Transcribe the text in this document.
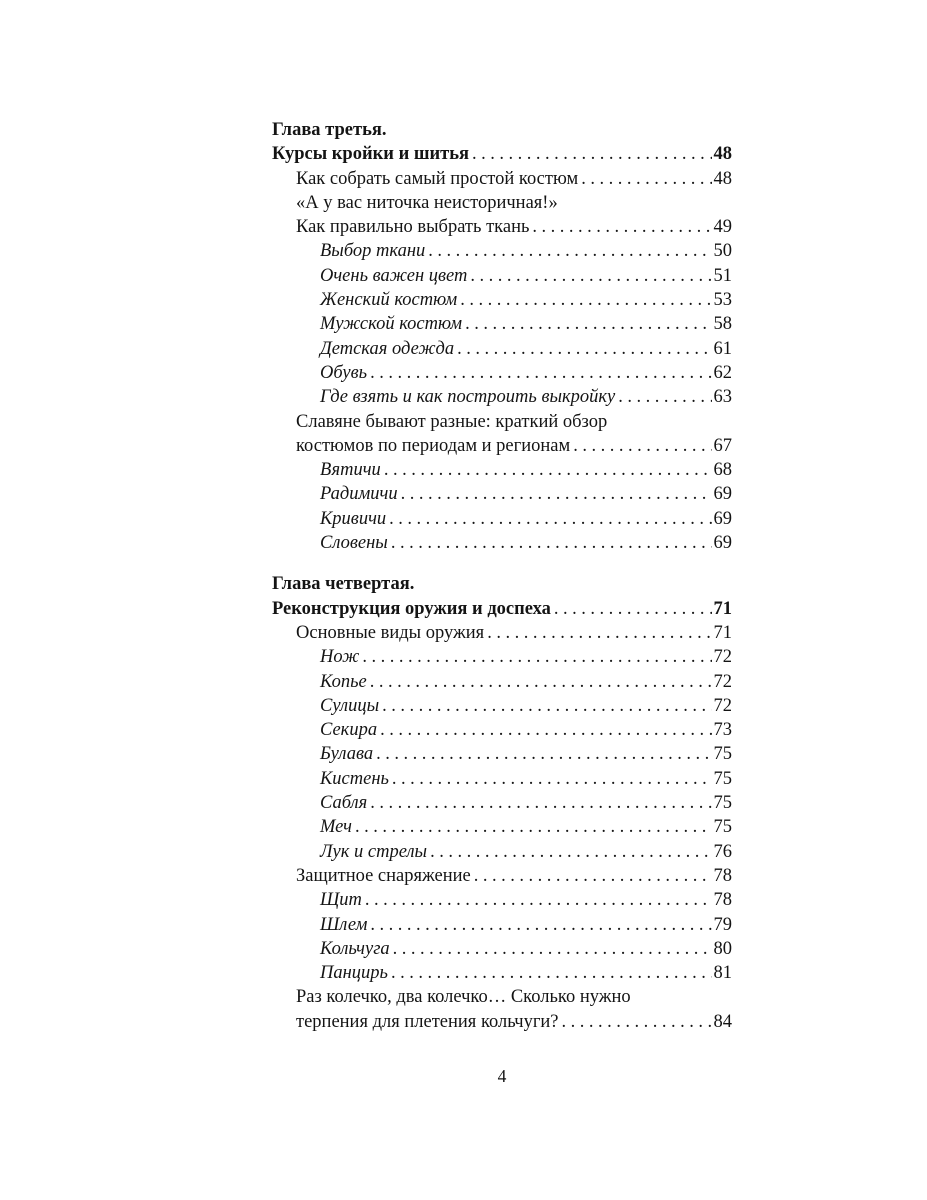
Глава третья.
Курсы кройки и шитья .....	48
Как собрать самый простой костюм .....	48
«А у вас ниточка неисторичная!»
Как правильно выбрать ткань .....	49
Выбор ткани .....	50
Очень важен цвет .....	51
Женский костюм .....	53
Мужской костюм .....	58
Детская одежда .....	61
Обувь .....	62
Где взять и как построить выкройку .....	63
Славяне бывают разные: краткий обзор
костюмов по периодам и регионам .....	67
Вятичи .....	68
Радимичи .....	69
Кривичи .....	69
Словены .....	69
Глава четвертая.
Реконструкция оружия и доспеха .....	71
Основные виды оружия .....	71
Нож .....	72
Копье .....	72
Сулицы .....	72
Секира .....	73
Булава .....	75
Кистень .....	75
Сабля .....	75
Меч .....	75
Лук и стрелы .....	76
Защитное снаряжение .....	78
Щит .....	78
Шлем .....	79
Кольчуга .....	80
Панцирь .....	81
Раз колечко, два колечко… Сколько нужно
терпения для плетения кольчуги? .....	84
4
